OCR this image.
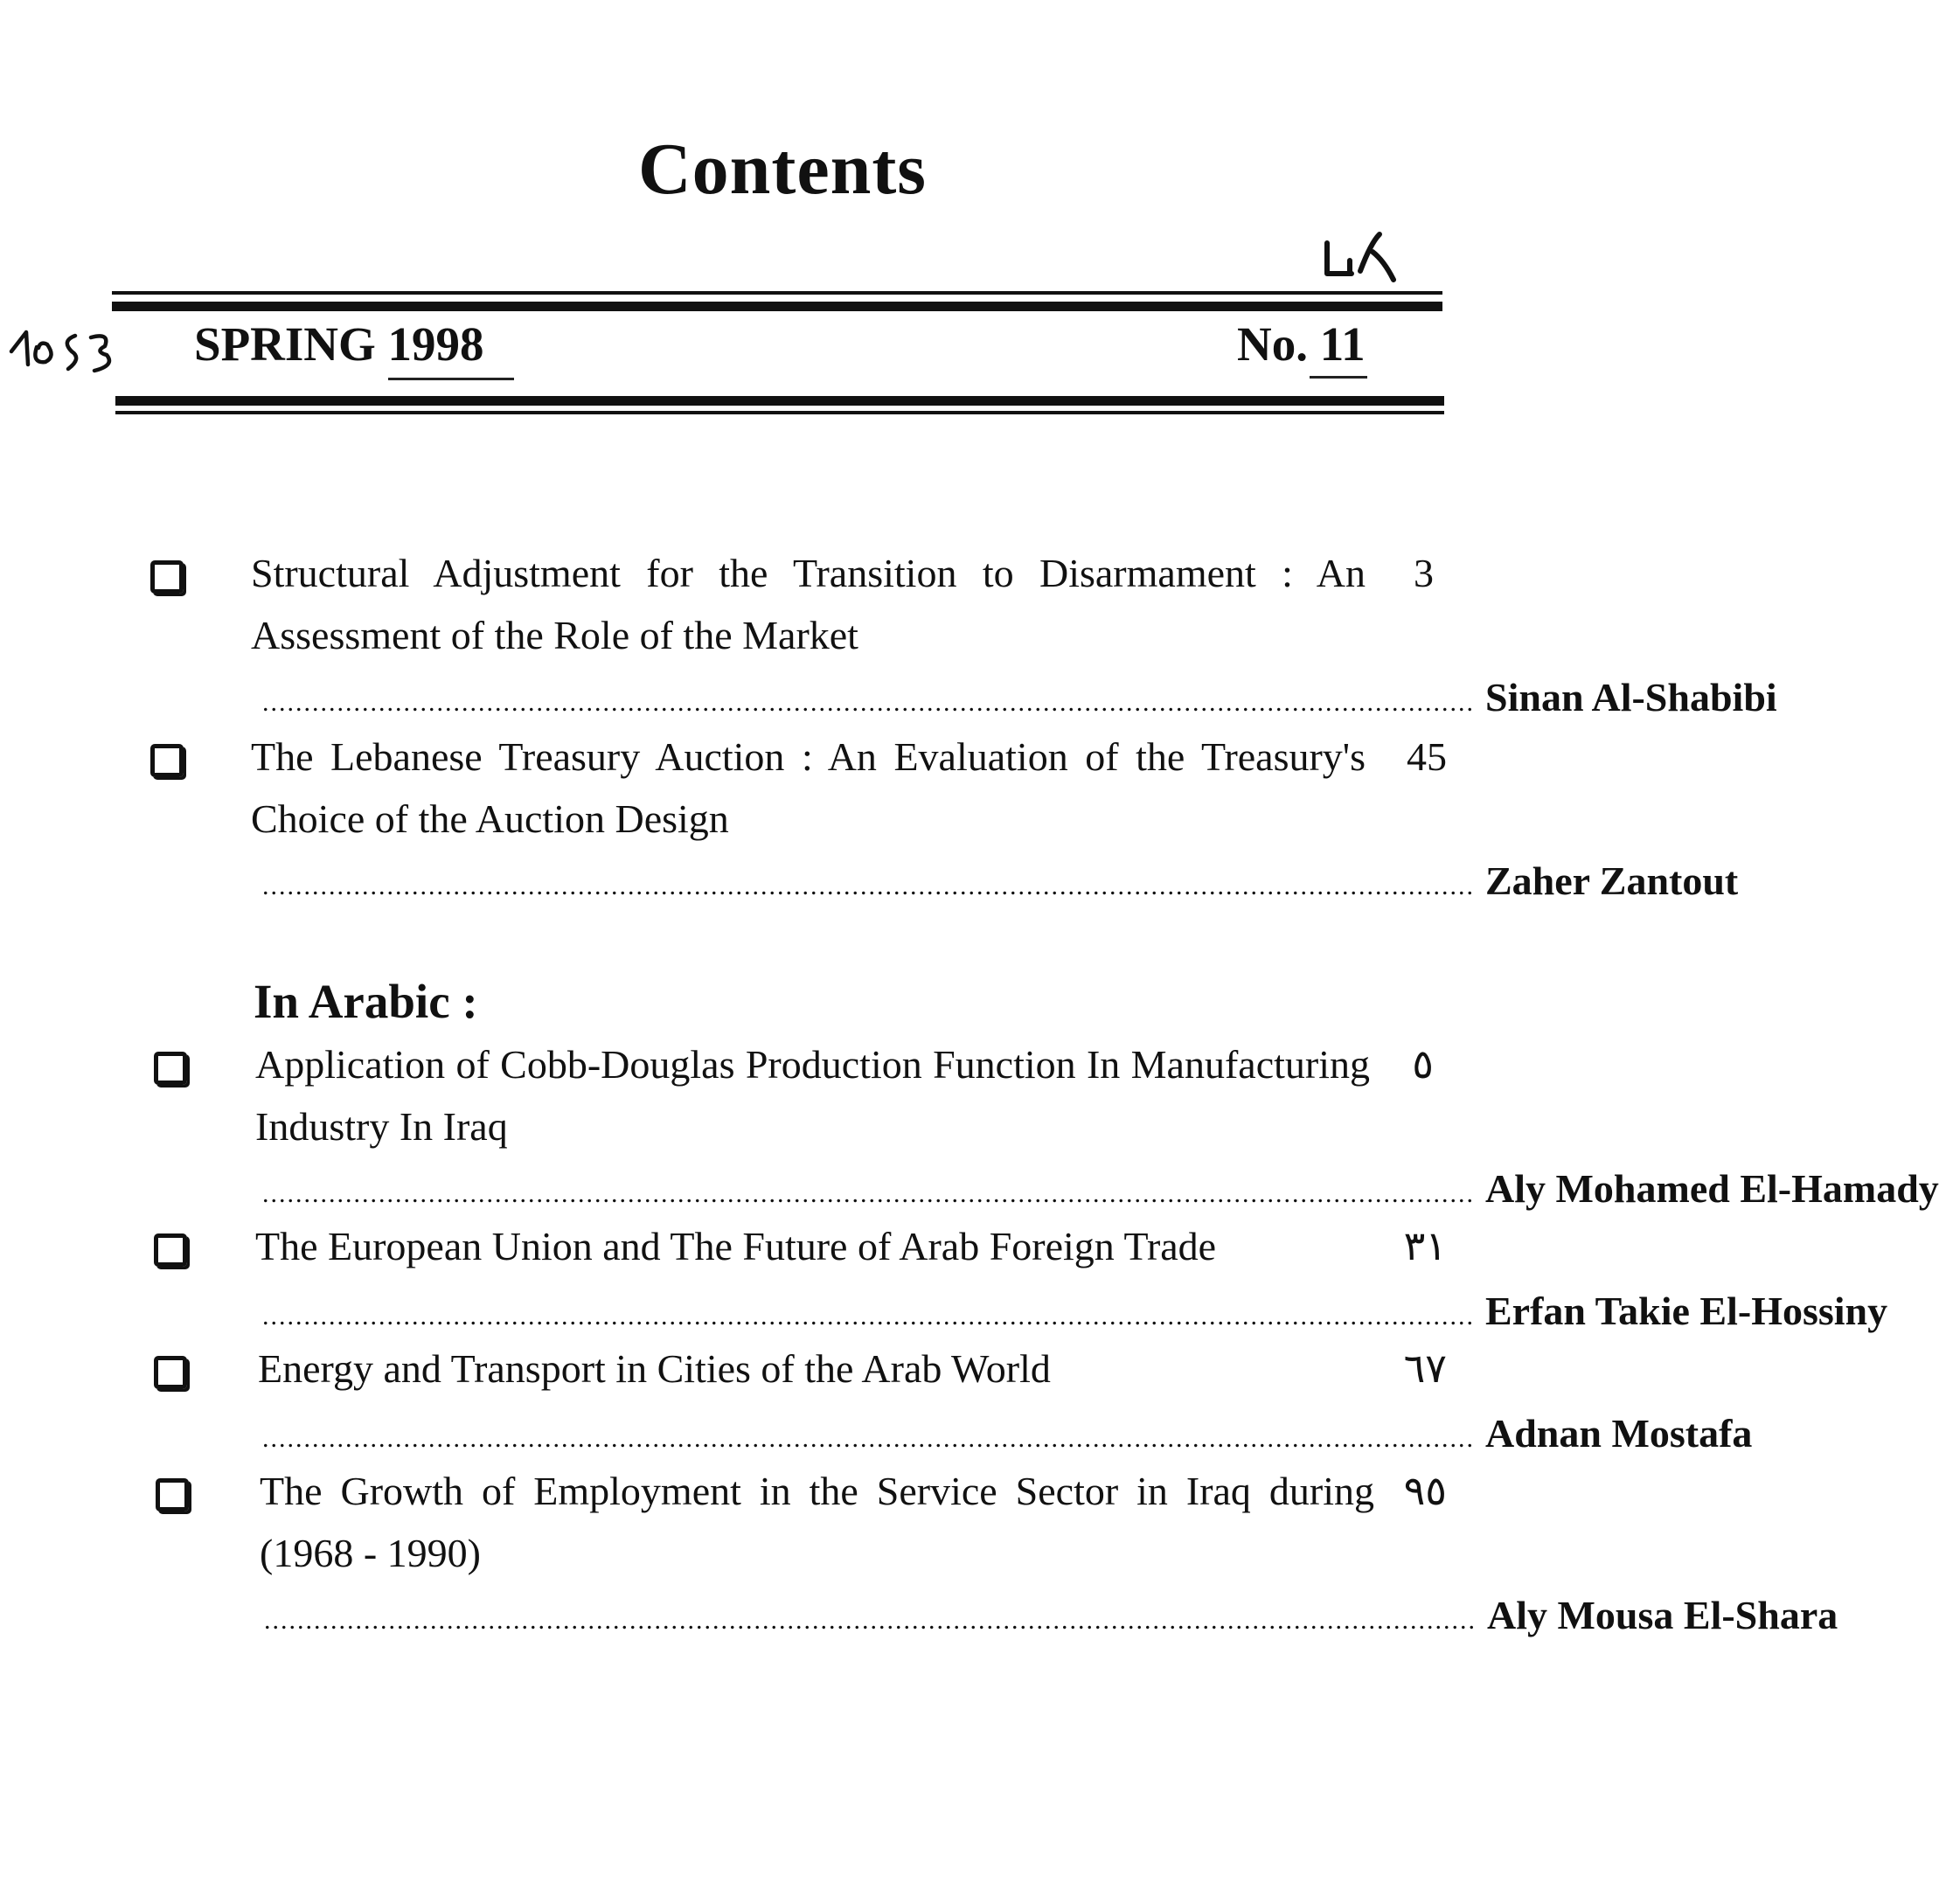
Contents
SPRING 1998	No. 11
Structural Adjustment for the Transition to Disarmament : An Assessment of the Role of the Market
3
.................................................................................................................................................. Sinan Al-Shabibi
The Lebanese Treasury Auction : An Evaluation of the Treasury's Choice of the Auction Design
45
.................................................................................................................................................. Zaher Zantout
In Arabic :
Application of Cobb-Douglas Production Function In Manufacturing Industry In Iraq
٥
.................................................................................................................................................. Aly Mohamed El-Hamady
The European Union and The Future of Arab Foreign Trade	٣١
.................................................................................................................................................. Erfan Takie El-Hossiny
Energy and Transport in Cities of the Arab World	٦٧
.................................................................................................................................................. Adnan Mostafa
The Growth of Employment in the Service Sector in Iraq during (1968 - 1990)
٩٥
.................................................................................................................................................. Aly Mousa El-Shara
